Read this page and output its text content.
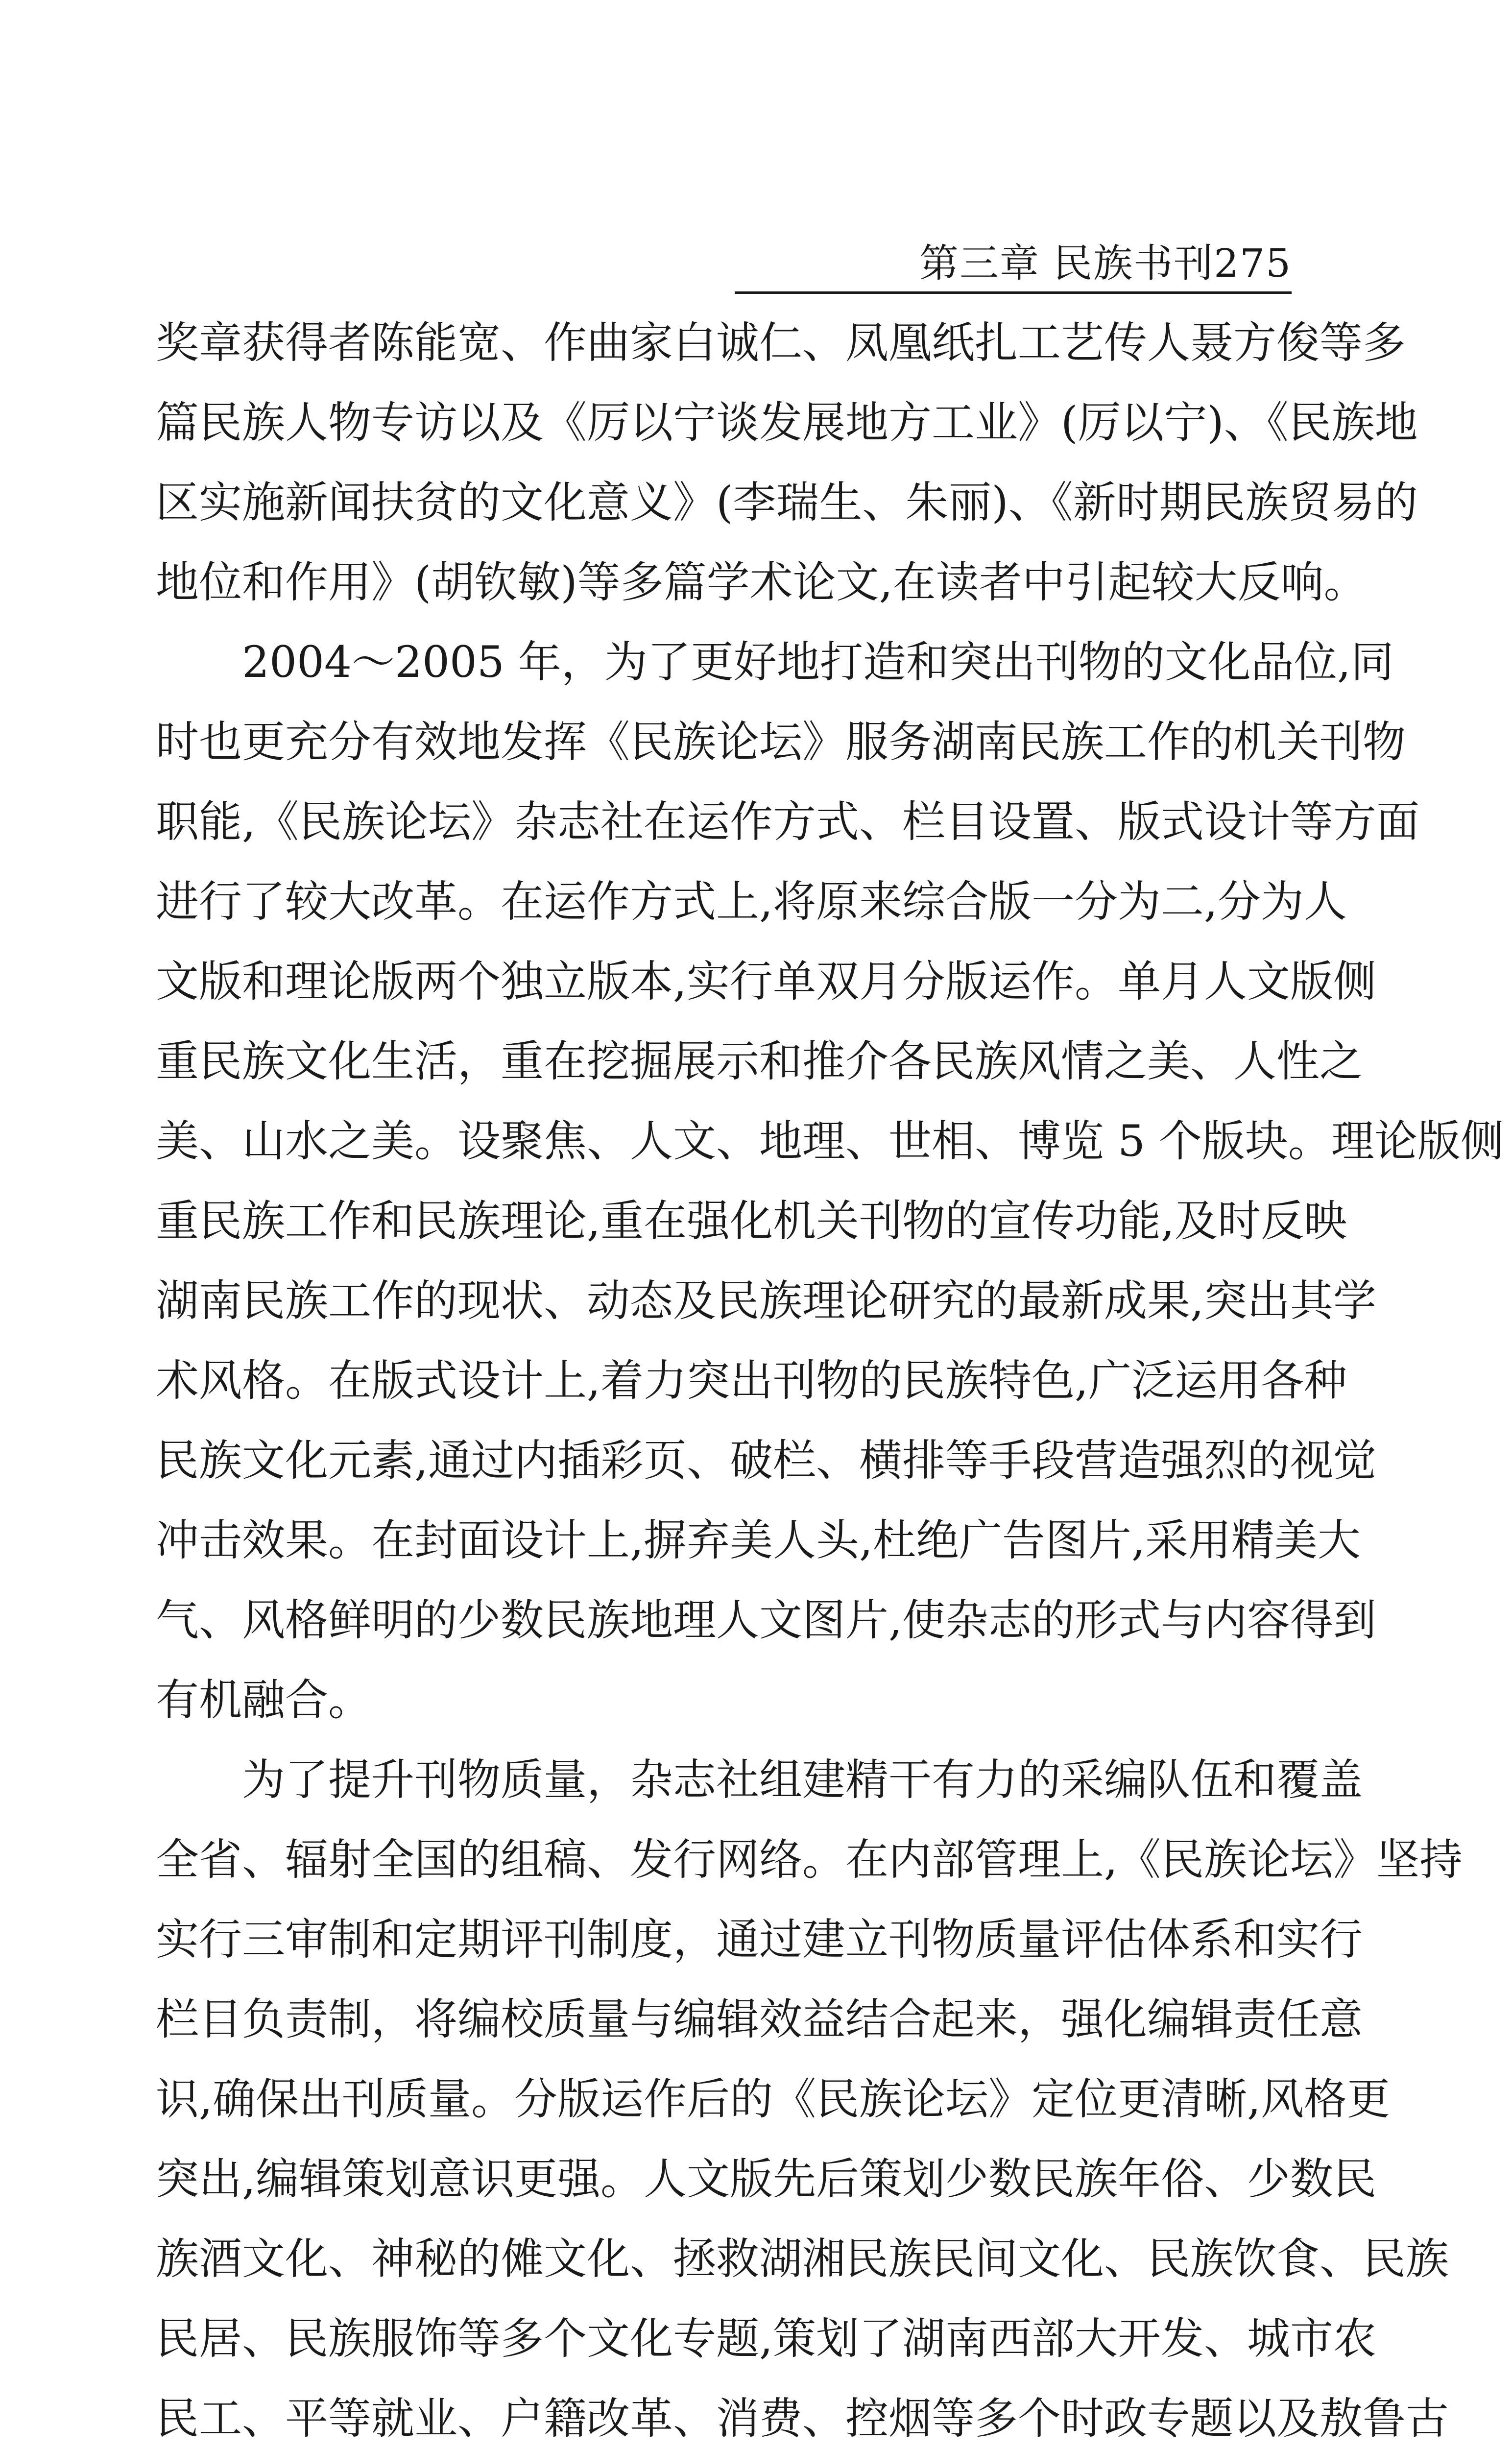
第三章 民族书刊275
奖章获得者陈能宽、作曲家白诚仁、凤凰纸扎工艺传人聂方俊等多
篇民族人物专访以及《厉以宁谈发展地方工业》(厉以宁)、《民族地
区实施新闻扶贫的文化意义》(李瑞生、朱丽)、《新时期民族贸易的
地位和作用》(胡钦敏)等多篇学术论文,在读者中引起较大反响。
2004～2005 年，为了更好地打造和突出刊物的文化品位,同
时也更充分有效地发挥《民族论坛》服务湖南民族工作的机关刊物
职能,《民族论坛》杂志社在运作方式、栏目设置、版式设计等方面
进行了较大改革。在运作方式上,将原来综合版一分为二,分为人
文版和理论版两个独立版本,实行单双月分版运作。单月人文版侧
重民族文化生活，重在挖掘展示和推介各民族风情之美、人性之
美、山水之美。设聚焦、人文、地理、世相、博览 5 个版块。理论版侧
重民族工作和民族理论,重在强化机关刊物的宣传功能,及时反映
湖南民族工作的现状、动态及民族理论研究的最新成果,突出其学
术风格。在版式设计上,着力突出刊物的民族特色,广泛运用各种
民族文化元素,通过内插彩页、破栏、横排等手段营造强烈的视觉
冲击效果。在封面设计上,摒弃美人头,杜绝广告图片,采用精美大
气、风格鲜明的少数民族地理人文图片,使杂志的形式与内容得到
有机融合。
为了提升刊物质量，杂志社组建精干有力的采编队伍和覆盖
全省、辐射全国的组稿、发行网络。在内部管理上,《民族论坛》坚持
实行三审制和定期评刊制度，通过建立刊物质量评估体系和实行
栏目负责制，将编校质量与编辑效益结合起来，强化编辑责任意
识,确保出刊质量。分版运作后的《民族论坛》定位更清晰,风格更
突出,编辑策划意识更强。人文版先后策划少数民族年俗、少数民
族酒文化、神秘的傩文化、拯救湖湘民族民间文化、民族饮食、民族
民居、民族服饰等多个文化专题,策划了湖南西部大开发、城市农
民工、平等就业、户籍改革、消费、控烟等多个时政专题以及敖鲁古
